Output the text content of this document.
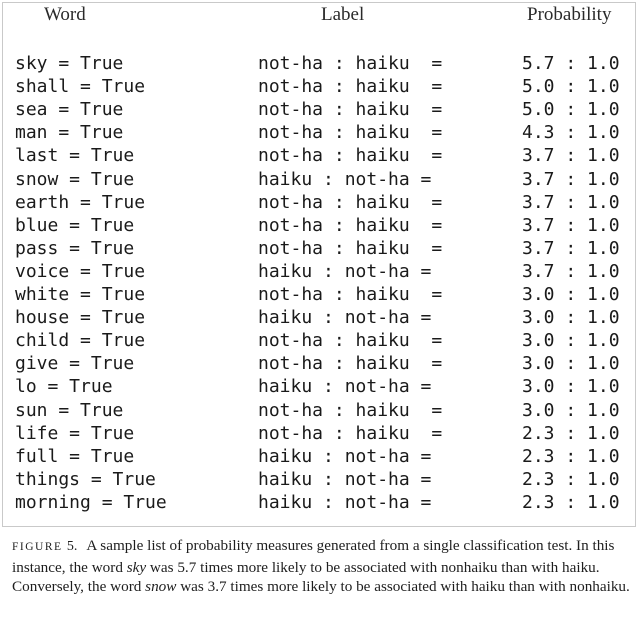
Word	Label	Probability
sky = True	not-ha : haiku  =	5.7 : 1.0
shall = True	not-ha : haiku  =	5.0 : 1.0
sea = True	not-ha : haiku  =	5.0 : 1.0
man = True	not-ha : haiku  =	4.3 : 1.0
last = True	not-ha : haiku  =	3.7 : 1.0
snow = True	haiku : not-ha =	3.7 : 1.0
earth = True	not-ha : haiku  =	3.7 : 1.0
blue = True	not-ha : haiku  =	3.7 : 1.0
pass = True	not-ha : haiku  =	3.7 : 1.0
voice = True	haiku : not-ha =	3.7 : 1.0
white = True	not-ha : haiku  =	3.0 : 1.0
house = True	haiku : not-ha =	3.0 : 1.0
child = True	not-ha : haiku  =	3.0 : 1.0
give = True	not-ha : haiku  =	3.0 : 1.0
lo = True	haiku : not-ha =	3.0 : 1.0
sun = True	not-ha : haiku  =	3.0 : 1.0
life = True	not-ha : haiku  =	2.3 : 1.0
full = True	haiku : not-ha =	2.3 : 1.0
things = True	haiku : not-ha =	2.3 : 1.0
morning = True	haiku : not-ha =	2.3 : 1.0
FIGURE 5. A sample list of probability measures generated from a single classification test. In this instance, the word sky was 5.7 times more likely to be associated with nonhaiku than with haiku. Conversely, the word snow was 3.7 times more likely to be associated with haiku than with nonhaiku.
